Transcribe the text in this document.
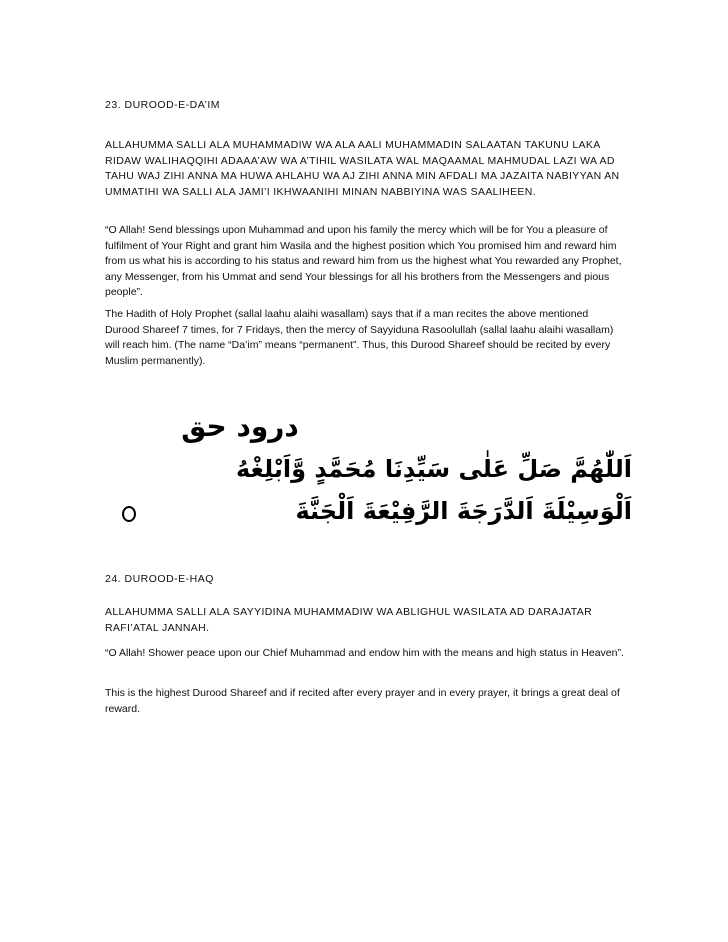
23. DUROOD-E-DA’IM

ALLAHUMMA SALLI ALA MUHAMMADIW WA ALA AALI MUHAMMADIN SALAATAN TAKUNU LAKA RIDAW WALIHAQQIHI ADAAA’AW WA A’TIHIL WASILATA WAL MAQAAMAL MAHMUDAL LAZI WA AD TAHU WAJ ZIHI ANNA MA HUWA AHLAHU WA AJ ZIHI ANNA MIN AFDALI MA JAZAITA NABIYYAN AN UMMATIHI WA SALLI ALA JAMI’I IKHWAANIHI MINAN NABBIYINA WAS SAALIHEEN.

“O Allah! Send blessings upon Muhammad and upon his family the mercy which will be for You a pleasure of fulfilment of Your Right and grant him Wasila and the highest position which You promised him and reward him from us what his is according to his status and reward him from us the highest what You rewarded any Prophet, any Messenger, from his Ummat and send Your blessings for all his brothers from the Messengers and pious people”.

The Hadith of Holy Prophet (sallal laahu alaihi wasallam) says that if a man recites the above mentioned Durood Shareef 7 times, for 7 Fridays, then the mercy of Sayyiduna Rasoolullah (sallal laahu alaihi wasallam) will reach him. (The name “Da’im” means “permanent”. Thus, this Durood Shareef should be recited by every Muslim permanently).

درود حق
اَللّٰهُمَّ صَلِّ عَلٰى سَيِّدِنَا مُحَمَّدٍ وَّاَبْلِغْهُ
اَلْوَسِيْلَةَ اَلدَّرَجَةَ الرَّفِيْعَةَ اَلْجَنَّةَ

24. DUROOD-E-HAQ

ALLAHUMMA SALLI ALA SAYYIDINA MUHAMMADIW WA ABLIGHUL WASILATA AD DARAJATAR RAFI’ATAL JANNAH.

“O Allah! Shower peace upon our Chief Muhammad and endow him with the means and high status in Heaven”.

This is the highest Durood Shareef and if recited after every prayer and in every prayer, it brings a great deal of reward.
